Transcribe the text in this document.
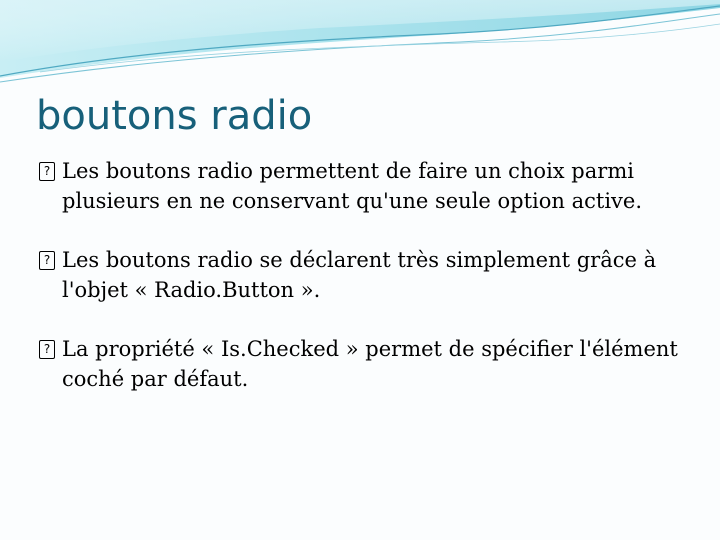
boutons radio
?
Les boutons radio permettent de faire un choix parmi plusieurs en ne conservant qu'une seule option active.
?
Les boutons radio se déclarent très simplement grâce à l'objet « Radio.Button ».
?
La propriété « Is.Checked » permet de spécifier l'élément coché par défaut.
